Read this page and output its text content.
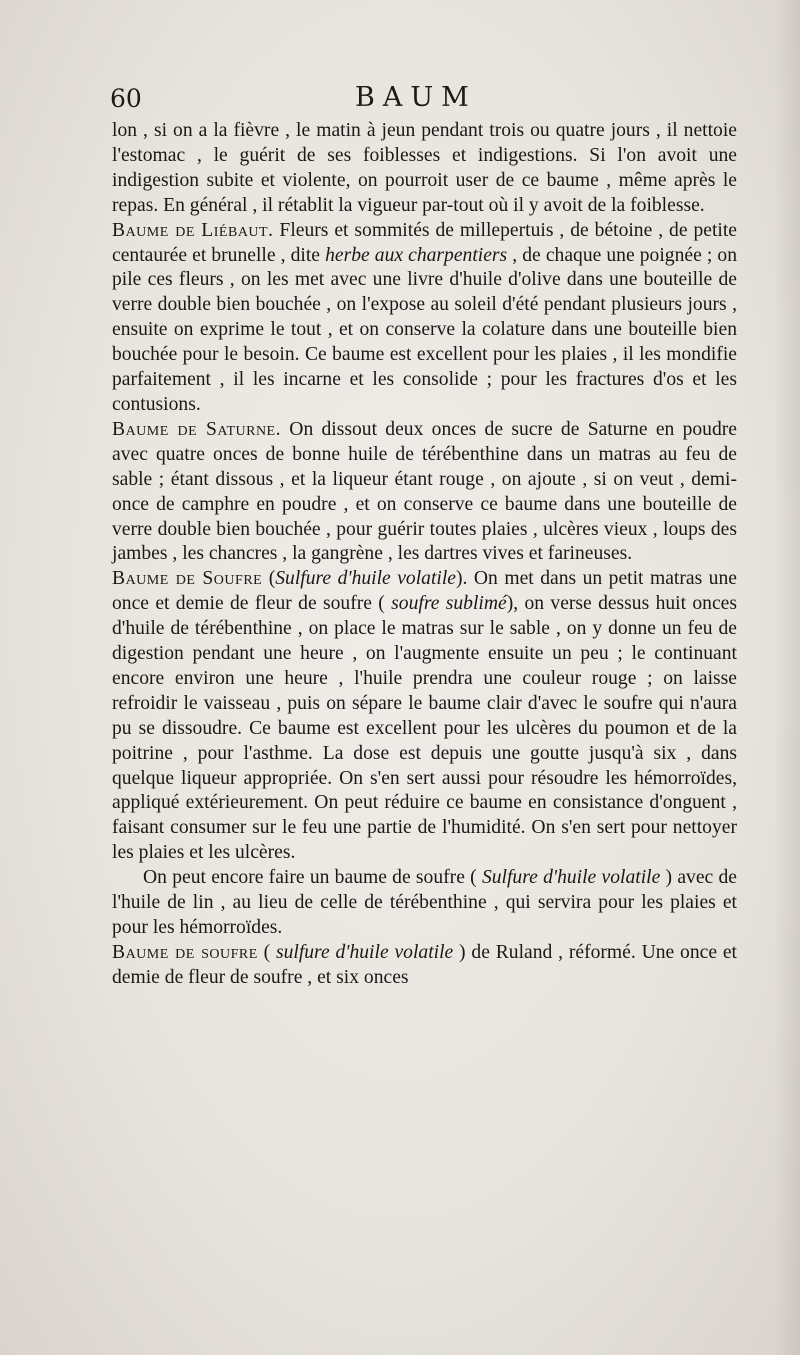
60	BAUM

lon , si on a la fièvre , le matin à jeun pendant trois ou quatre jours , il nettoie l'estomac , le guérit de ses foiblesses et indigestions. Si l'on avoit une indigestion subite et violente, on pourroit user de ce baume , même après le repas. En général , il rétablit la vigueur par-tout où il y avoit de la foiblesse.

Baume de Liébaut. Fleurs et sommités de millepertuis , de bétoine , de petite centaurée et brunelle , dite herbe aux charpentiers , de chaque une poignée ; on pile ces fleurs , on les met avec une livre d'huile d'olive dans une bouteille de verre double bien bouchée , on l'expose au soleil d'été pendant plusieurs jours , ensuite on exprime le tout , et on conserve la colature dans une bouteille bien bouchée pour le besoin. Ce baume est excellent pour les plaies , il les mondifie parfaitement , il les incarne et les consolide ; pour les fractures d'os et les contusions.

Baume de Saturne. On dissout deux onces de sucre de Saturne en poudre avec quatre onces de bonne huile de térébenthine dans un matras au feu de sable ; étant dissous , et la liqueur étant rouge , on ajoute , si on veut , demi-once de camphre en poudre , et on conserve ce baume dans une bouteille de verre double bien bouchée , pour guérir toutes plaies , ulcères vieux , loups des jambes , les chancres , la gangrène , les dartres vives et farineuses.

Baume de Soufre (Sulfure d'huile volatile). On met dans un petit matras une once et demie de fleur de soufre ( soufre sublimé), on verse dessus huit onces d'huile de térébenthine , on place le matras sur le sable , on y donne un feu de digestion pendant une heure , on l'augmente ensuite un peu ; le continuant encore environ une heure , l'huile prendra une couleur rouge ; on laisse refroidir le vaisseau , puis on sépare le baume clair d'avec le soufre qui n'aura pu se dissoudre. Ce baume est excellent pour les ulcères du poumon et de la poitrine , pour l'asthme. La dose est depuis une goutte jusqu'à six , dans quelque liqueur appropriée. On s'en sert aussi pour résoudre les hémorroïdes, appliqué extérieurement. On peut réduire ce baume en consistance d'onguent , faisant consumer sur le feu une partie de l'humidité. On s'en sert pour nettoyer les plaies et les ulcères.

On peut encore faire un baume de soufre ( Sulfure d'huile volatile ) avec de l'huile de lin , au lieu de celle de térébenthine , qui servira pour les plaies et pour les hémorroïdes.

Baume de soufre ( sulfure d'huile volatile ) de Ruland , réformé. Une once et demie de fleur de soufre , et six onces
